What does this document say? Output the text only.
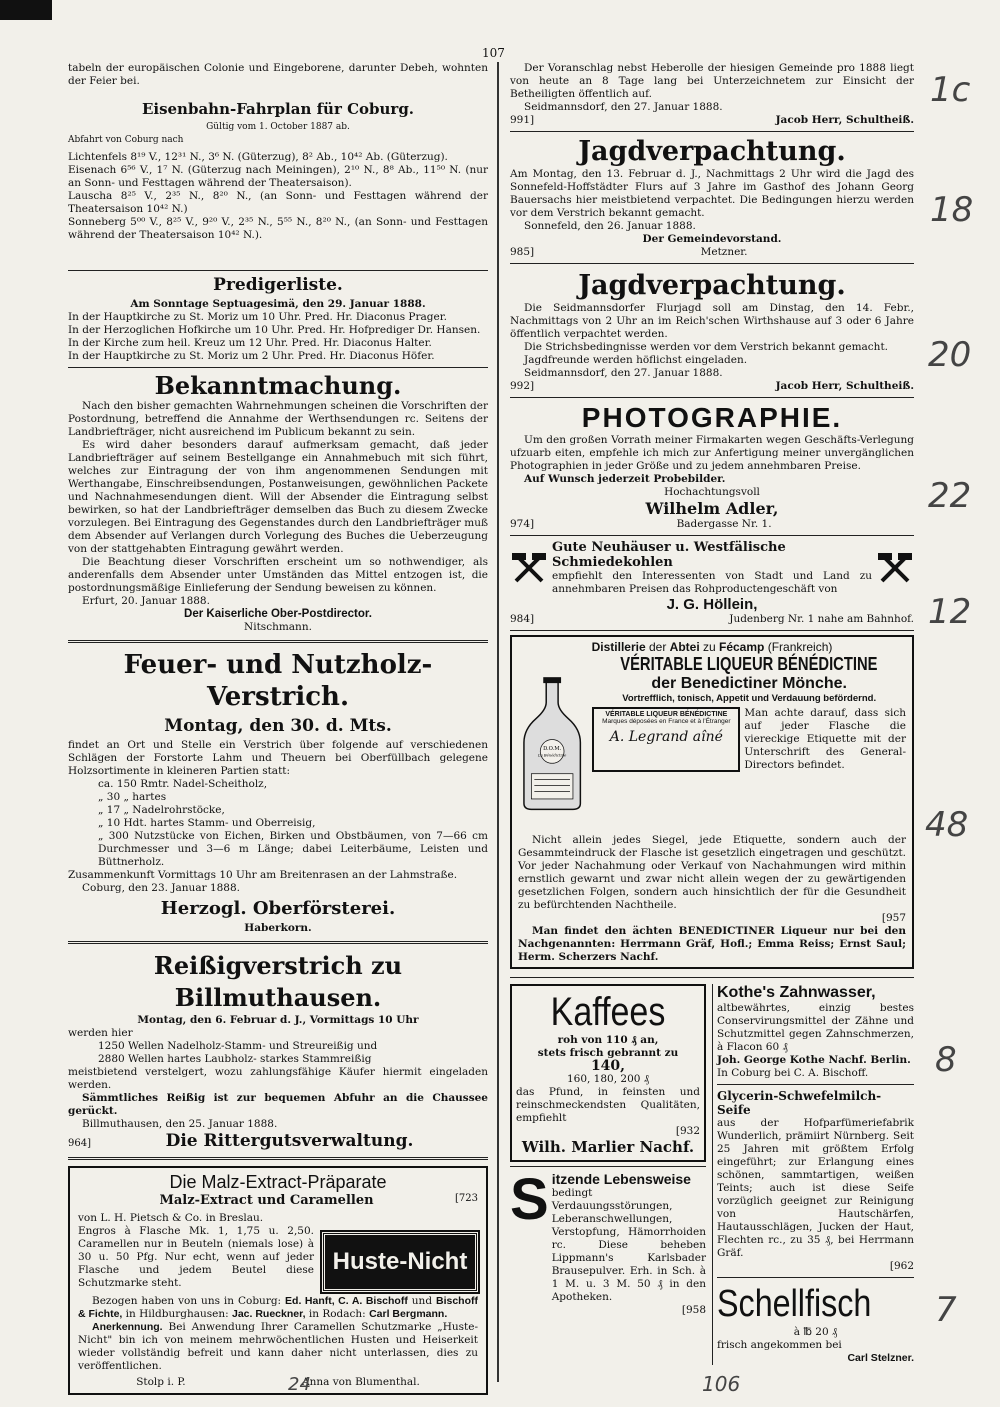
107

tabeln der europäischen Colonie und Eingeborene, darunter Debeh, wohnten der Feier bei.

Eisenbahn-Fahrplan für Coburg.

Gültig vom 1. October 1887 ab.

Abfahrt von Coburg nach

Lichtenfels 8¹⁹ V., 12³¹ N., 3⁶ N. (Güterzug), 8² Ab., 10⁴² Ab. (Güterzug).

Eisenach 6⁵⁶ V., 1⁷ N. (Güterzug nach Meiningen), 2¹⁰ N., 8⁸ Ab., 11⁵⁰ N. (nur an Sonn- und Festtagen während der Theatersaison).

Lauscha 8²⁵ V., 2³⁵ N., 8²⁰ N., (an Sonn- und Festtagen während der Theatersaison 10⁴² N.)

Sonneberg 5⁰⁰ V., 8²⁵ V., 9²⁰ V., 2³⁵ N., 5⁵⁵ N., 8²⁰ N., (an Sonn- und Festtagen während der Theatersaison 10⁴² N.).

Predigerliste.

Am Sonntage Septuagesimä, den 29. Januar 1888.

In der Hauptkirche zu St. Moriz um 10 Uhr. Pred. Hr. Diaconus Prager.

In der Herzoglichen Hofkirche um 10 Uhr. Pred. Hr. Hofprediger Dr. Hansen.

In der Kirche zum heil. Kreuz um 12 Uhr. Pred. Hr. Diaconus Halter.

In der Hauptkirche zu St. Moriz um 2 Uhr. Pred. Hr. Diaconus Höfer.

Bekanntmachung.

Nach den bisher gemachten Wahrnehmungen scheinen die Vorschriften der Postordnung, betreffend die Annahme der Werthsendungen rc. Seitens der Landbriefträger, nicht ausreichend im Publicum bekannt zu sein.

Es wird daher besonders darauf aufmerksam gemacht, daß jeder Landbriefträger auf seinem Bestellgange ein Annahmebuch mit sich führt, welches zur Eintragung der von ihm angenommenen Sendungen mit Werthangabe, Einschreibsendungen, Postanweisungen, gewöhnlichen Packete und Nachnahmesendungen dient. Will der Absender die Eintragung selbst bewirken, so hat der Landbriefträger demselben das Buch zu diesem Zwecke vorzulegen. Bei Eintragung des Gegenstandes durch den Landbriefträger muß dem Absender auf Verlangen durch Vorlegung des Buches die Ueberzeugung von der stattgehabten Eintragung gewährt werden.

Die Beachtung dieser Vorschriften erscheint um so nothwendiger, als anderenfalls dem Absender unter Umständen das Mittel entzogen ist, die postordnungsmäßige Einlieferung der Sendung beweisen zu können.

Erfurt, 20. Januar 1888.

Der Kaiserliche Ober-Postdirector.

Nitschmann.

Feuer- und Nutzholz-Verstrich.
Montag, den 30. d. Mts.

findet an Ort und Stelle ein Verstrich über folgende auf verschiedenen Schlägen der Forstorte Lahm und Theuern bei Oberfüllbach gelegene Holzsortimente in kleineren Partien statt:

ca. 150 Rmtr. Nadel-Scheitholz,

„ 30 „ hartes

„ 17 „ Nadelrohrstöcke,

„ 10 Hdt. hartes Stamm- und Oberreisig,

„ 300 Nutzstücke von Eichen, Birken und Obstbäumen, von 7—66 cm Durchmesser und 3—6 m Länge; dabei Leiterbäume, Leisten und Büttnerholz.

Zusammenkunft Vormittags 10 Uhr am Breitenrasen an der Lahmstraße.

Coburg, den 23. Januar 1888.

Herzogl. Oberförsterei.

Haberkorn.

Reißigverstrich zu Billmuthausen.

Montag, den 6. Februar d. J., Vormittags 10 Uhr

werden hier

1250 Wellen Nadelholz-Stamm- und Streureißig und

2880 Wellen hartes Laubholz- starkes Stammreißig

meistbietend verstelgert, wozu zahlungsfähige Käufer hiermit eingeladen werden.

Sämmtliches Reißig ist zur bequemen Abfuhr an die Chaussee gerückt.

Billmuthausen, den 25. Januar 1888.

964]	Die Rittergutsverwaltung.
Die Malz-Extract-Präparate
Malz-Extract und Caramellen	[723

von L. H. Pietsch & Co. in Breslau.

Engros à Flasche Mk. 1, 1,75 u. 2,50. Caramellen nur in Beuteln (niemals lose) à 30 u. 50 Pfg. Nur echt, wenn auf jeder Flasche und jedem Beutel diese Schutzmarke steht.

Huste-Nicht

Bezogen haben von uns in Coburg: Ed. Hanft, C. A. Bischoff und Bischoff & Fichte, in Hildburghausen: Jac. Rueckner, in Rodach: Carl Bergmann.

Anerkennung. Bei Anwendung Ihrer Caramellen Schutzmarke „Huste-Nicht" bin ich von meinem mehrwöchentlichen Husten und Heiserkeit wieder vollständig befreit und kann daher nicht unterlassen, dies zu veröffentlichen.

Stolp i. P.	Anna von Blumenthal.

Der Voranschlag nebst Heberolle der hiesigen Gemeinde pro 1888 liegt von heute an 8 Tage lang bei Unterzeichnetem zur Einsicht der Betheiligten öffentlich auf.

Seidmannsdorf, den 27. Januar 1888.

991]	Jacob Herr, Schultheiß.
Jagdverpachtung.

Am Montag, den 13. Februar d. J., Nachmittags 2 Uhr wird die Jagd des Sonnefeld-Hoffstädter Flurs auf 3 Jahre im Gasthof des Johann Georg Bauersachs hier meistbietend verpachtet. Die Bedingungen hierzu werden vor dem Verstrich bekannt gemacht.

Sonnefeld, den 26. Januar 1888.

Der Gemeindevorstand.

985]	Metzner.
Jagdverpachtung.

Die Seidmannsdorfer Flurjagd soll am Dinstag, den 14. Febr., Nachmittags von 2 Uhr an im Reich'schen Wirthshause auf 3 oder 6 Jahre öffentlich verpachtet werden.

Die Strichsbedingnisse werden vor dem Verstrich bekannt gemacht.

Jagdfreunde werden höflichst eingeladen.

Seidmannsdorf, den 27. Januar 1888.

992]	Jacob Herr, Schultheiß.
PHOTOGRAPHIE.

Um den großen Vorrath meiner Firmakarten wegen Geschäfts-Verlegung ufzuarb eiten, empfehle ich mich zur Anfertigung meiner unvergänglichen Photographien in jeder Größe und zu jedem annehmbaren Preise.

Auf Wunsch jederzeit Probebilder.

Hochachtungsvoll

Wilhelm Adler,

974]	Badergasse Nr. 1.

Gute Neuhäuser u. Westfälische Schmiedekohlen

empfiehlt den Interessenten von Stadt und Land zu annehmbaren Preisen das Rohproductengeschäft von

J. G. Höllein,

984]	Judenberg Nr. 1 nahe am Bahnhof.

Distillerie der Abtei zu Fécamp (Frankreich)

D.O.M.
La Bénédictine
VÉRITABLE LIQUEUR BÉNÉDICTINE
der Benedictiner Mönche.
Vortrefflich, tonisch, Appetit und Verdauung befördernd.
VÉRITABLE LIQUEUR BÉNÉDICTINE
Marques déposées en France et à l'Étranger
A. Legrand aîné

Man achte darauf, dass sich auf jeder Flasche die viereckige Etiquette mit der Unterschrift des General-Directors befindet.

Nicht allein jedes Siegel, jede Etiquette, sondern auch der Gesammteindruck der Flasche ist gesetzlich eingetragen und geschützt. Vor jeder Nachahmung oder Verkauf von Nachahmungen wird mithin ernstlich gewarnt und zwar nicht allein wegen der zu gewärtigenden gesetzlichen Folgen, sondern auch hinsichtlich der für die Gesundheit zu befürchtenden Nachtheile.

[957

Man findet den ächten BENEDICTINER Liqueur nur bei den Nachgenannten: Herrmann Gräf, Hofl.; Emma Reiss; Ernst Saul; Herm. Scherzers Nachf.

Kaffees

roh von 110 ₰ an,

stets frisch gebrannt zu

140,

160, 180, 200 ₰

das Pfund, in feinsten und reinschmeckendsten Qualitäten, empfiehlt

[932

Wilh. Marlier Nachf.

S itzende Lebensweise

bedingt Verdauungsstörungen, Leberanschwellungen, Verstopfung, Hämorrhoiden rc. Diese beheben Lippmann's Karlsbader Brausepulver. Erh. in Sch. à 1 M. u. 3 M. 50 ₰ in den Apotheken.

[958

Kothe's Zahnwasser,

altbewährtes, einzig bestes Conservirungsmittel der Zähne und Schutzmittel gegen Zahnschmerzen, à Flacon 60 ₰

Joh. George Kothe Nachf. Berlin.

In Coburg bei C. A. Bischoff.

Glycerin-Schwefelmilch-Seife

aus der Hofparfümeriefabrik Wunderlich, prämiirt Nürnberg. Seit 25 Jahren mit größtem Erfolg eingeführt; zur Erlangung eines schönen, sammtartigen, weißen Teints; auch ist diese Seife vorzüglich geeignet zur Reinigung von Hautschärfen, Hautausschlägen, Jucken der Haut, Flechten rc., zu 35 ₰, bei Herrmann Gräf.

[962

Schellfisch

à ℔ 20 ₰

frisch angekommen bei

Carl Stelzner.

1c
18
20
22
12
48
8
7
106
24
